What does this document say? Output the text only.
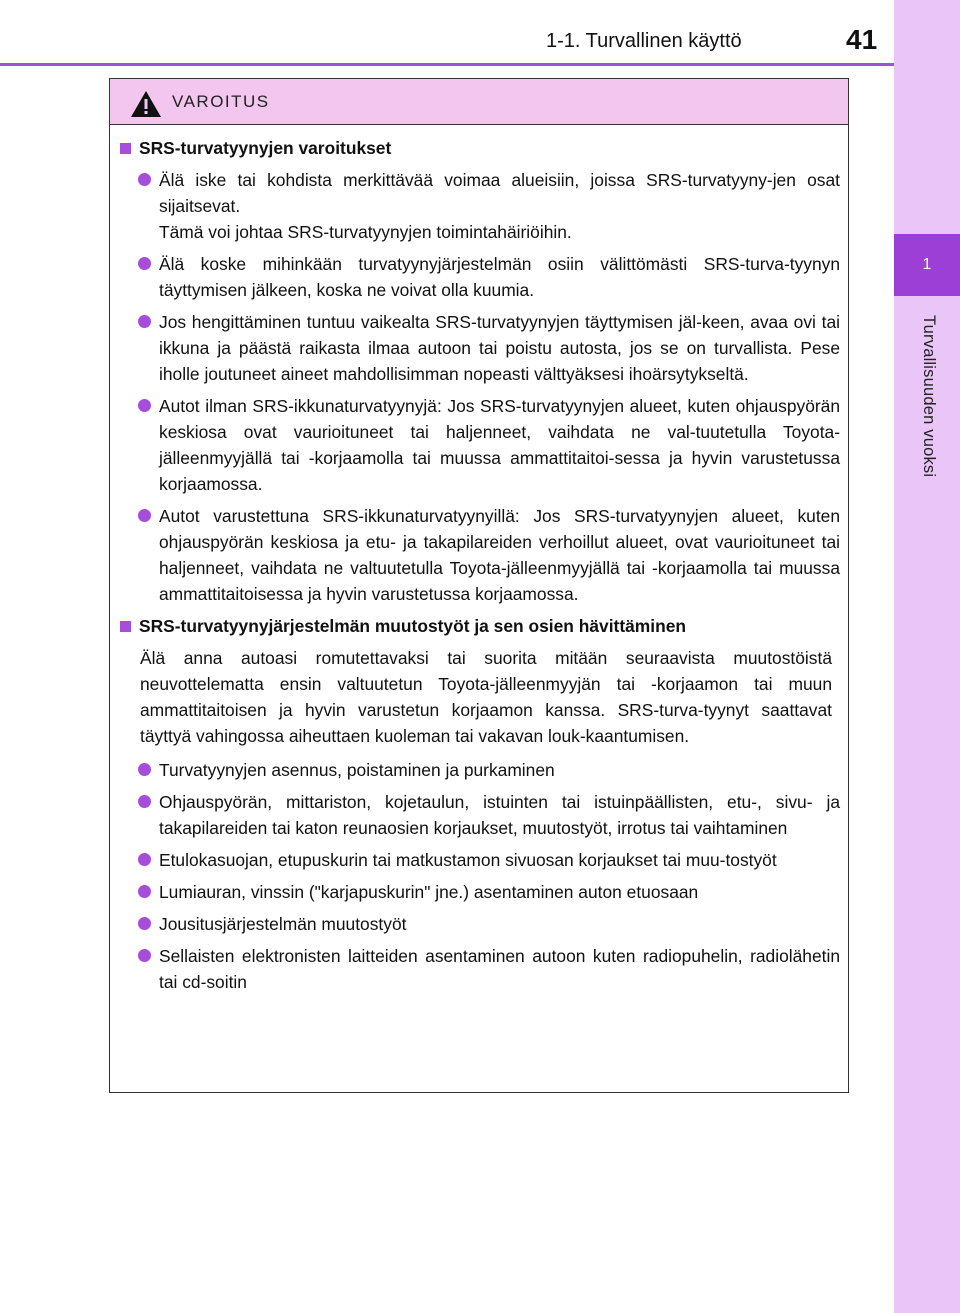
1
Turvallisuuden vuoksi
1-1. Turvallinen käyttö	41
VAROITUS
SRS-turvatyynyjen varoitukset
Älä iske tai kohdista merkittävää voimaa alueisiin, joissa SRS-turvatyyny-jen osat sijaitsevat.
Tämä voi johtaa SRS-turvatyynyjen toimintahäiriöihin.
Älä koske mihinkään turvatyynyjärjestelmän osiin välittömästi SRS-turva-tyynyn täyttymisen jälkeen, koska ne voivat olla kuumia.
Jos hengittäminen tuntuu vaikealta SRS-turvatyynyjen täyttymisen jäl-keen, avaa ovi tai ikkuna ja päästä raikasta ilmaa autoon tai poistu autosta, jos se on turvallista. Pese iholle joutuneet aineet mahdollisimman nopeasti välttyäksesi ihoärsytykseltä.
Autot ilman SRS-ikkunaturvatyynyjä: Jos SRS-turvatyynyjen alueet, kuten ohjauspyörän keskiosa ovat vaurioituneet tai haljenneet, vaihdata ne val-tuutetulla Toyota-jälleenmyyjällä tai -korjaamolla tai muussa ammattitaitoi-sessa ja hyvin varustetussa korjaamossa.
Autot varustettuna SRS-ikkunaturvatyynyillä: Jos SRS-turvatyynyjen alueet, kuten ohjauspyörän keskiosa ja etu- ja takapilareiden verhoillut alueet, ovat vaurioituneet tai haljenneet, vaihdata ne valtuutetulla Toyota-jälleenmyyjällä tai -korjaamolla tai muussa ammattitaitoisessa ja hyvin varustetussa korjaamossa.
SRS-turvatyynyjärjestelmän muutostyöt ja sen osien hävittäminen
Älä anna autoasi romutettavaksi tai suorita mitään seuraavista muutostöistä neuvottelematta ensin valtuutetun Toyota-jälleenmyyjän tai -korjaamon tai muun ammattitaitoisen ja hyvin varustetun korjaamon kanssa. SRS-turva-tyynyt saattavat täyttyä vahingossa aiheuttaen kuoleman tai vakavan louk-kaantumisen.
Turvatyynyjen asennus, poistaminen ja purkaminen
Ohjauspyörän, mittariston, kojetaulun, istuinten tai istuinpäällisten, etu-, sivu- ja takapilareiden tai katon reunaosien korjaukset, muutostyöt, irrotus tai vaihtaminen
Etulokasuojan, etupuskurin tai matkustamon sivuosan korjaukset tai muu-tostyöt
Lumiauran, vinssin ("karjapuskurin" jne.) asentaminen auton etuosaan
Jousitusjärjestelmän muutostyöt
Sellaisten elektronisten laitteiden asentaminen autoon kuten radiopuhelin, radiolähetin tai cd-soitin
